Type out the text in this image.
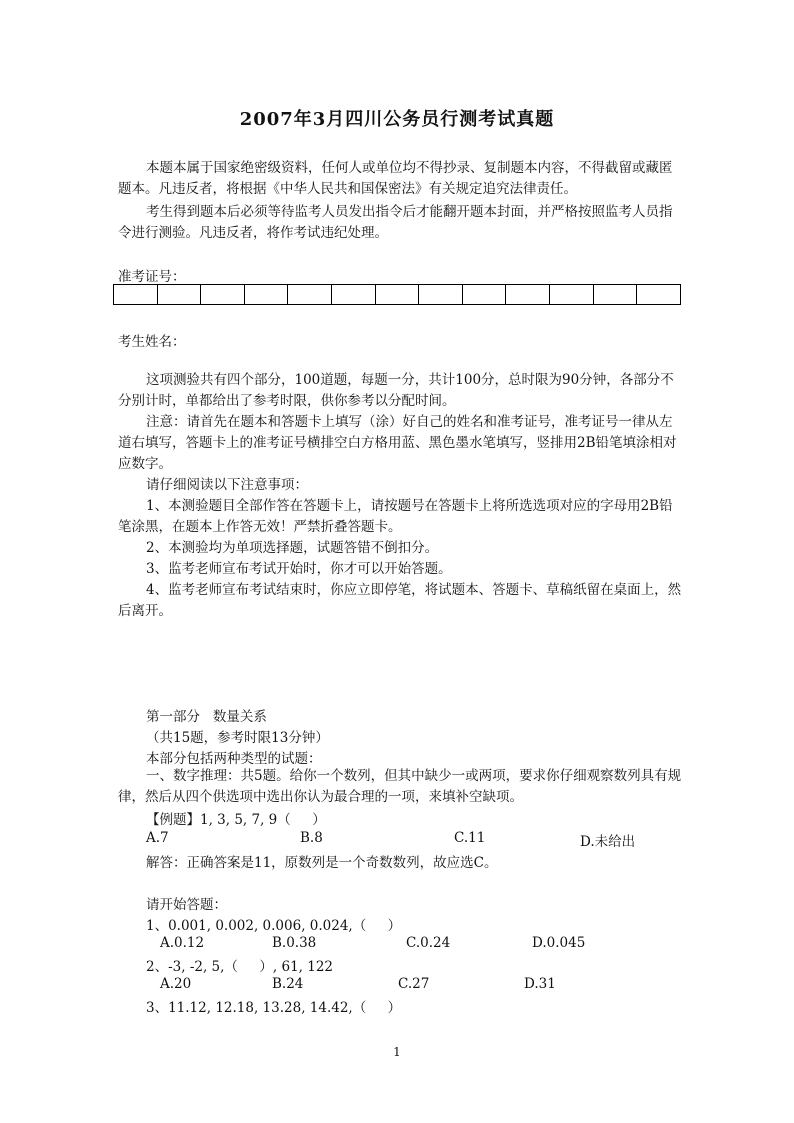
2007年3月四川公务员行测考试真题

本题本属于国家绝密级资料，任何人或单位均不得抄录、复制题本内容，不得截留或藏匿题本。凡违反者，将根据《中华人民共和国保密法》有关规定追究法律责任。

考生得到题本后必须等待监考人员发出指令后才能翻开题本封面，并严格按照监考人员指令进行测验。凡违反者，将作考试违纪处理。

准考证号：

考生姓名：

这项测验共有四个部分，100道题，每题一分，共计100分，总时限为90分钟，各部分不分别计时，单都给出了参考时限，供你参考以分配时间。

注意：请首先在题本和答题卡上填写（涂）好自己的姓名和准考证号，准考证号一律从左道右填写，答题卡上的准考证号横排空白方格用蓝、黑色墨水笔填写，竖排用2B铅笔填涂相对应数字。

请仔细阅读以下注意事项：

1、本测验题目全部作答在答题卡上，请按题号在答题卡上将所选选项对应的字母用2B铅笔涂黑，在题本上作答无效！严禁折叠答题卡。

2、本测验均为单项选择题，试题答错不倒扣分。

3、监考老师宣布考试开始时，你才可以开始答题。

4、监考老师宣布考试结束时，你应立即停笔，将试题本、答题卡、草稿纸留在桌面上，然后离开。

第一部分   数量关系
（共15题，参考时限13分钟）
本部分包括两种类型的试题：

一、数字推理：共5题。给你一个数列，但其中缺少一或两项，要求你仔细观察数列具有规律，然后从四个供选项中选出你认为最合理的一项，来填补空缺项。

【例题】1, 3, 5, 7, 9（     ）
A.7	B.8	C.11	D.未给出
解答：正确答案是11，原数列是一个奇数数列，故应选C。
请开始答题：
1、0.001, 0.002, 0.006, 0.024,（     ）
A.0.12	B.0.38	C.0.24	D.0.045
2、-3, -2, 5,（     ）, 61, 122
A.20	B.24	C.27	D.31
3、11.12, 12.18, 13.28, 14.42,（     ）
1
